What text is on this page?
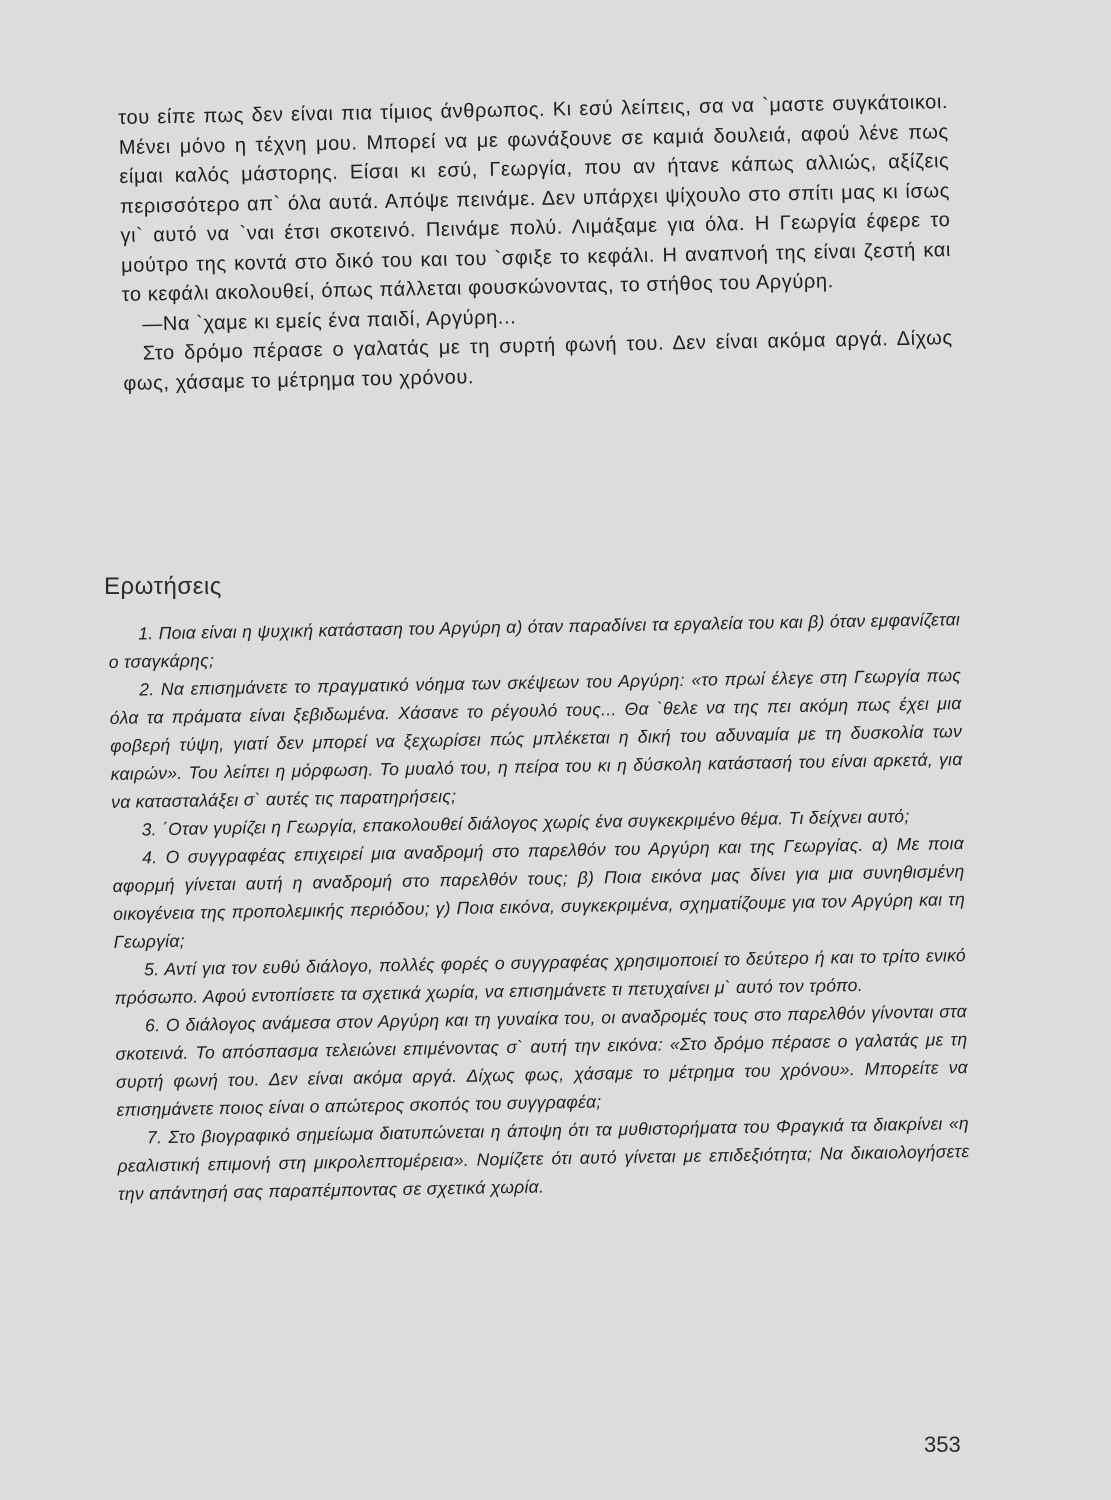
του είπε πως δεν είναι πια τίμιος άνθρωπος. Κι εσύ λείπεις, σα να `μαστε συγκάτοικοι. Μένει μόνο η τέχνη μου. Μπορεί να με φωνάξουνε σε καμιά δουλειά, αφού λένε πως είμαι καλός μάστορης. Είσαι κι εσύ, Γεωργία, που αν ήτανε κάπως αλλιώς, αξίζεις περισσότερο απ` όλα αυτά. Απόψε πεινάμε. Δεν υπάρχει ψίχουλο στο σπίτι μας κι ίσως γι` αυτό να `ναι έτσι σκοτεινό. Πεινάμε πολύ. Λιμάξαμε για όλα. Η Γεωργία έφερε το μούτρο της κοντά στο δικό του και του `σφιξε το κεφάλι. Η αναπνοή της είναι ζεστή και το κεφάλι ακολουθεί, όπως πάλλεται φουσκώνοντας, το στήθος του Αργύρη.

—Να `χαμε κι εμείς ένα παιδί, Αργύρη...

Στο δρόμο πέρασε ο γαλατάς με τη συρτή φωνή του. Δεν είναι ακόμα αργά. Δίχως φως, χάσαμε το μέτρημα του χρόνου.

Ερωτήσεις

1. Ποια είναι η ψυχική κατάσταση του Αργύρη α) όταν παραδίνει τα εργαλεία του και β) όταν εμφανίζεται ο τσαγκάρης;

2. Να επισημάνετε το πραγματικό νόημα των σκέψεων του Αργύρη: «το πρωί έλεγε στη Γεωργία πως όλα τα πράματα είναι ξεβιδωμένα. Χάσανε το ρέγουλό τους... Θα `θελε να της πει ακόμη πως έχει μια φοβερή τύψη, γιατί δεν μπορεί να ξεχωρίσει πώς μπλέκεται η δική του αδυναμία με τη δυσκολία των καιρών». Του λείπει η μόρφωση. Το μυαλό του, η πείρα του κι η δύσκολη κατάστασή του είναι αρκετά, για να κατασταλάξει σ` αυτές τις παρατηρήσεις;

3. ΄Οταν γυρίζει η Γεωργία, επακολουθεί διάλογος χωρίς ένα συγκεκριμένο θέμα. Τι δείχνει αυτό;

4. Ο συγγραφέας επιχειρεί μια αναδρομή στο παρελθόν του Αργύρη και της Γεωργίας. α) Με ποια αφορμή γίνεται αυτή η αναδρομή στο παρελθόν τους; β) Ποια εικόνα μας δίνει για μια συνηθισμένη οικογένεια της προπολεμικής περιόδου; γ) Ποια εικόνα, συγκεκριμένα, σχηματίζουμε για τον Αργύρη και τη Γεωργία;

5. Αντί για τον ευθύ διάλογο, πολλές φορές ο συγγραφέας χρησιμοποιεί το δεύτερο ή και το τρίτο ενικό πρόσωπο. Αφού εντοπίσετε τα σχετικά χωρία, να επισημάνετε τι πετυχαίνει μ` αυτό τον τρόπο.

6. Ο διάλογος ανάμεσα στον Αργύρη και τη γυναίκα του, οι αναδρομές τους στο παρελθόν γίνονται στα σκοτεινά. Το απόσπασμα τελειώνει επιμένοντας σ` αυτή την εικόνα: «Στο δρόμο πέρασε ο γαλατάς με τη συρτή φωνή του. Δεν είναι ακόμα αργά. Δίχως φως, χάσαμε το μέτρημα του χρόνου». Μπορείτε να επισημάνετε ποιος είναι ο απώτερος σκοπός του συγγραφέα;

7. Στο βιογραφικό σημείωμα διατυπώνεται η άποψη ότι τα μυθιστορήματα του Φραγκιά τα διακρίνει «η ρεαλιστική επιμονή στη μικρολεπτομέρεια». Νομίζετε ότι αυτό γίνεται με επιδεξιότητα; Να δικαιολογήσετε την απάντησή σας παραπέμποντας σε σχετικά χωρία.

353
